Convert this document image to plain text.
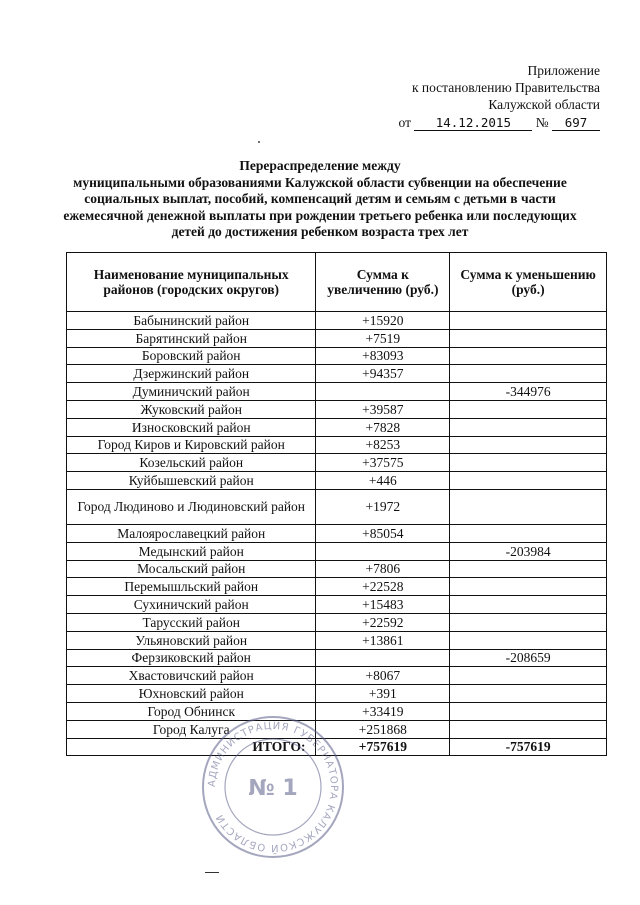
Приложение
к постановлению Правительства
Калужской области
от 14.12.2015 № 697
Перераспределение между
муниципальными образованиями Калужской области субвенции на обеспечение
социальных выплат, пособий, компенсаций детям и семьям с детьми в части
ежемесячной денежной выплаты при рождении третьего ребенка или последующих
детей до достижения ребенком возраста трех лет
Наименование муниципальных районов (городских округов)	Сумма к увеличению (руб.)	Сумма к уменьшению (руб.)
Бабынинский район	+15920	
Барятинский район	+7519	
Боровский район	+83093	
Дзержинский район	+94357	
Думиничский район		-344976
Жуковский район	+39587	
Износковский район	+7828	
Город Киров и Кировский район	+8253	
Козельский район	+37575	
Куйбышевский район	+446	
Город Людиново и Людиновский район	+1972	
Малоярославецкий район	+85054	
Медынский район		-203984
Мосальский район	+7806	
Перемышльский район	+22528	
Сухиничский район	+15483	
Тарусский район	+22592	
Ульяновский район	+13861	
Ферзиковский район		-208659
Хвастовичский район	+8067	
Юхновский район	+391	
Город Обнинск	+33419	
Город Калуга	+251868	
ИТОГО:	+757619	-757619
АДМИНИСТРАЦИЯ ГУБЕРНАТОРА КАЛУЖСКОЙ ОБЛАСТИ
№ 1
